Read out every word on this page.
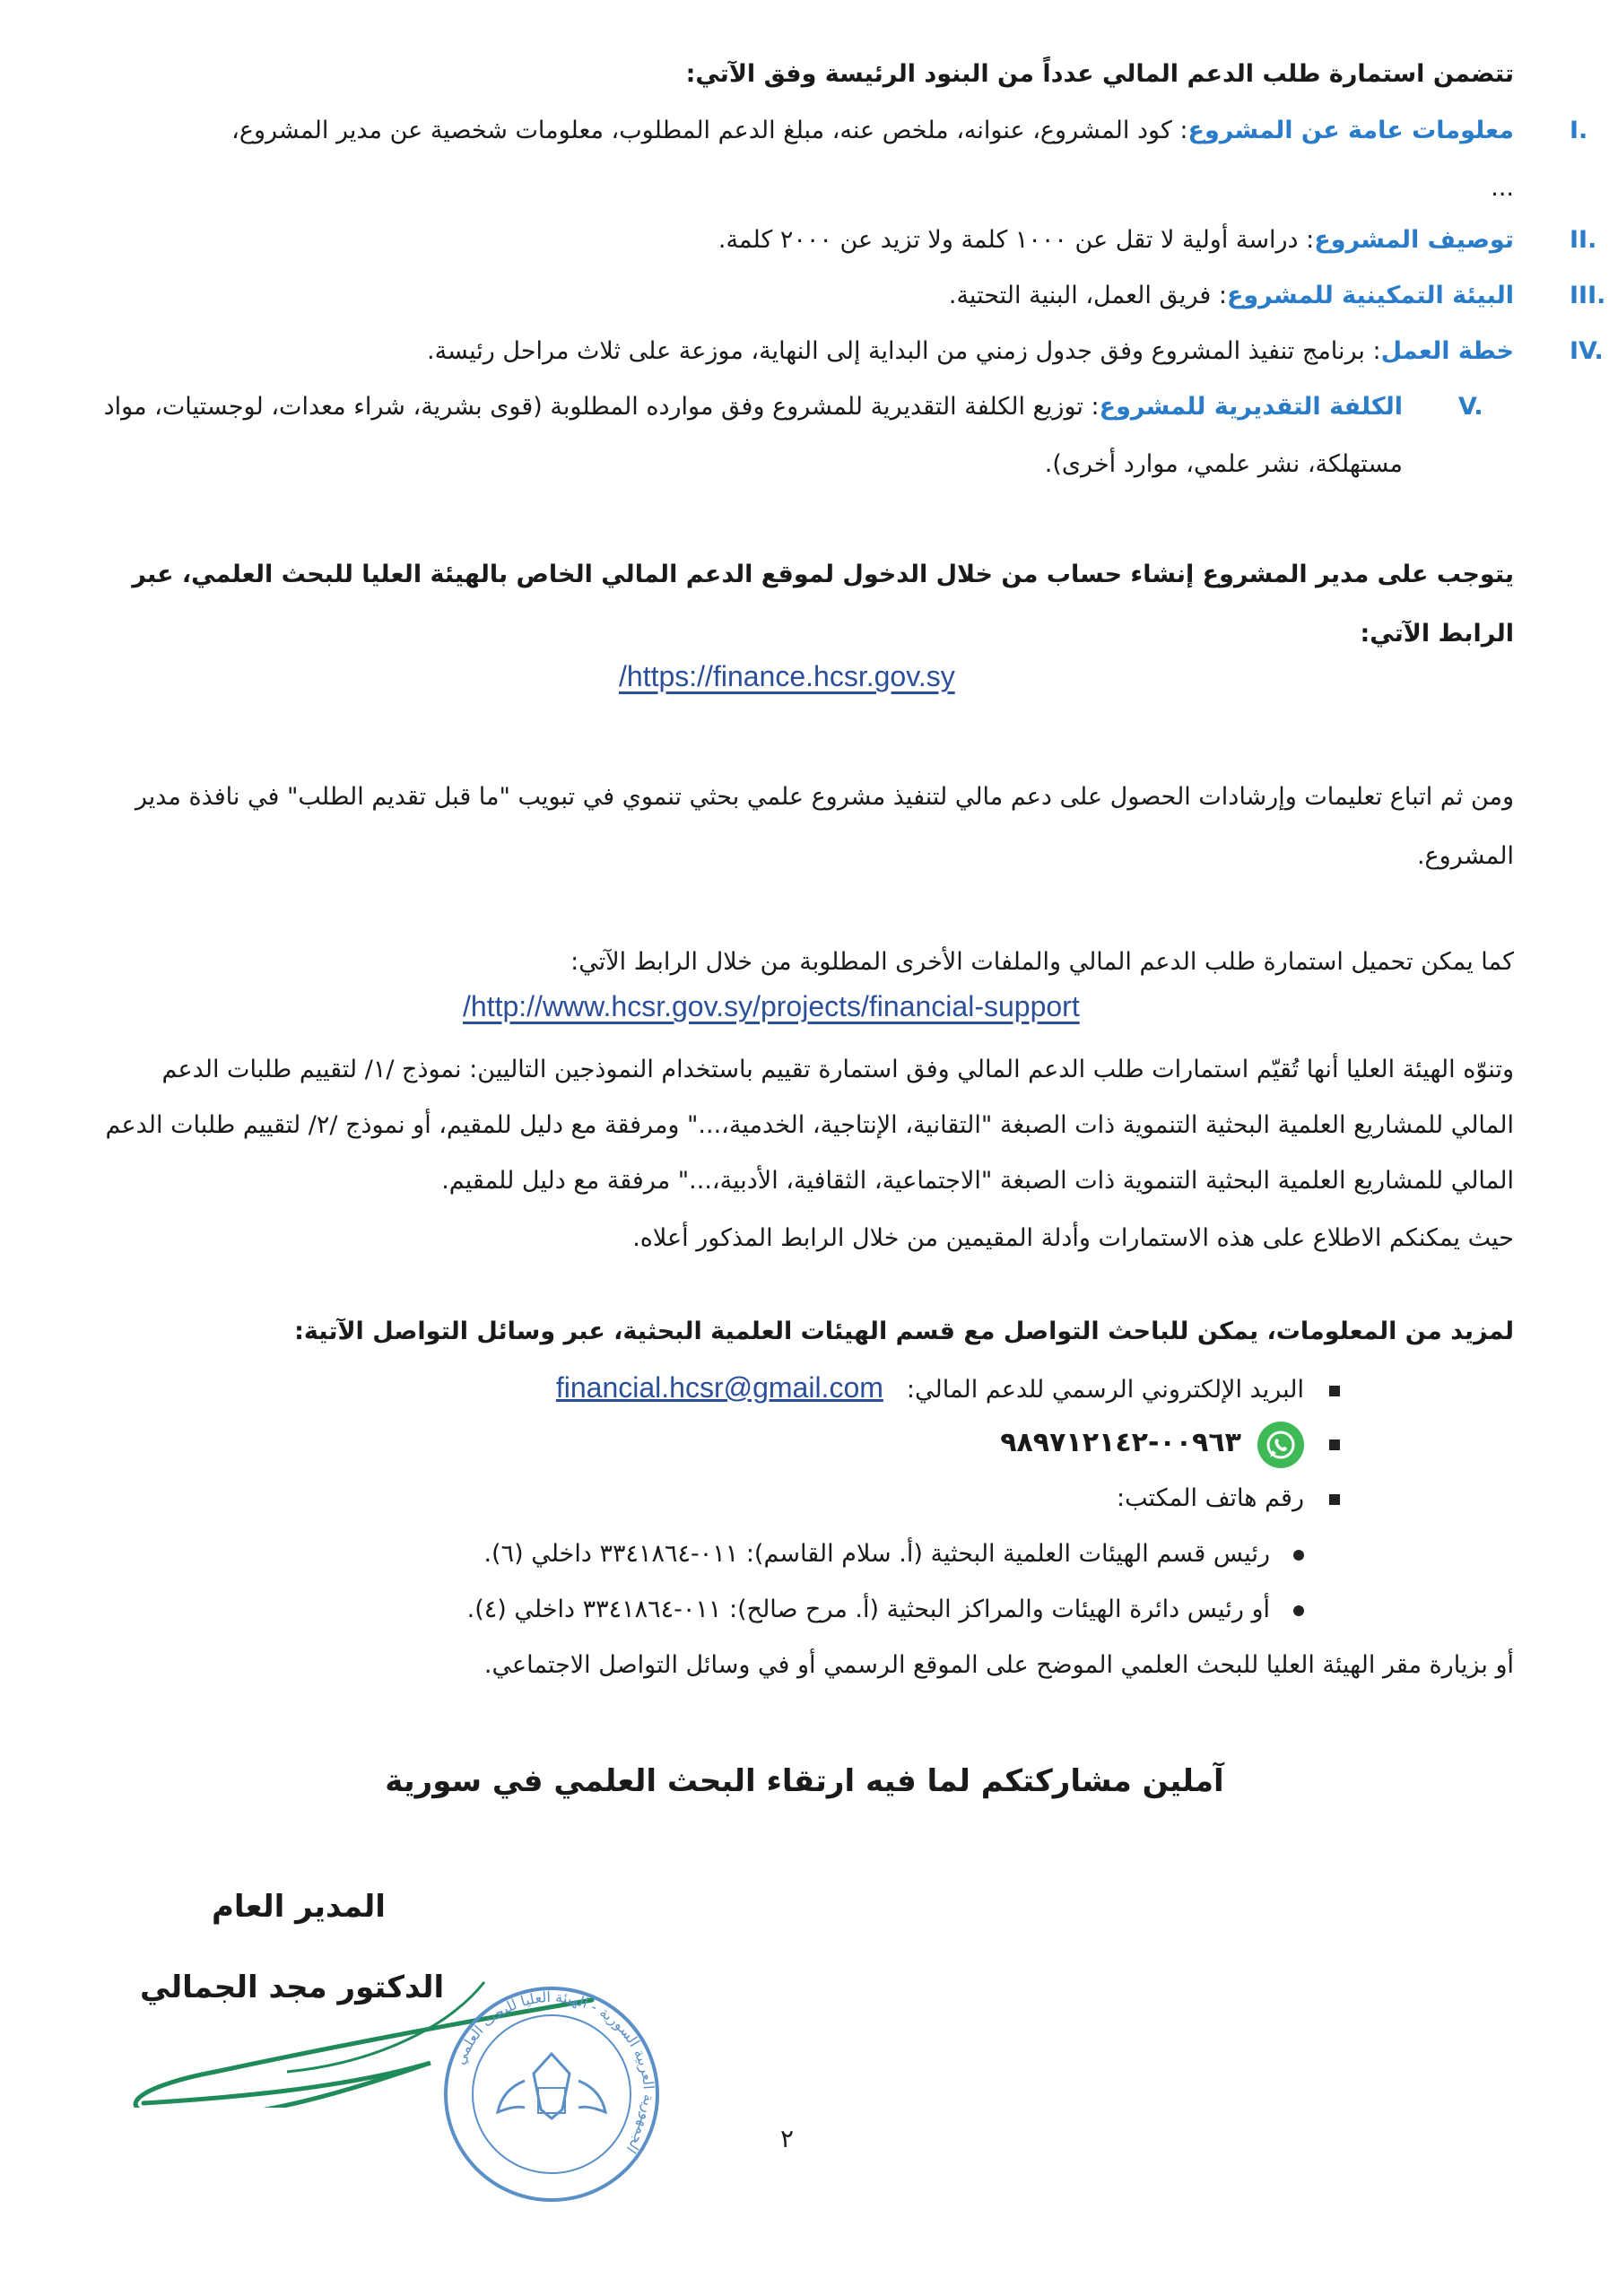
تتضمن استمارة طلب الدعم المالي عدداً من البنود الرئيسة وفق الآتي:
I.
معلومات عامة عن المشروع: كود المشروع، عنوانه، ملخص عنه، مبلغ الدعم المطلوب، معلومات شخصية عن مدير المشروع، ...
II.
توصيف المشروع: دراسة أولية لا تقل عن ١٠٠٠ كلمة ولا تزيد عن ٢٠٠٠ كلمة.
III.
البيئة التمكينية للمشروع: فريق العمل، البنية التحتية.
IV.
خطة العمل: برنامج تنفيذ المشروع وفق جدول زمني من البداية إلى النهاية، موزعة على ثلاث مراحل رئيسة.
V.
الكلفة التقديرية للمشروع: توزيع الكلفة التقديرية للمشروع وفق موارده المطلوبة (قوى بشرية، شراء معدات، لوجستيات، مواد مستهلكة، نشر علمي، موارد أخرى).
يتوجب على مدير المشروع إنشاء حساب من خلال الدخول لموقع الدعم المالي الخاص بالهيئة العليا للبحث العلمي، عبر الرابط الآتي:
/https://finance.hcsr.gov.sy
ومن ثم اتباع تعليمات وإرشادات الحصول على دعم مالي لتنفيذ مشروع علمي بحثي تنموي في تبويب "ما قبل تقديم الطلب" في نافذة مدير المشروع.
كما يمكن تحميل استمارة طلب الدعم المالي والملفات الأخرى المطلوبة من خلال الرابط الآتي:
/http://www.hcsr.gov.sy/projects/financial-support
وتنوّه الهيئة العليا أنها تُقيّم استمارات طلب الدعم المالي وفق استمارة تقييم باستخدام النموذجين التاليين: نموذج /١/ لتقييم طلبات الدعم المالي للمشاريع العلمية البحثية التنموية ذات الصبغة "التقانية، الإنتاجية، الخدمية،..." ومرفقة مع دليل للمقيم، أو نموذج /٢/ لتقييم طلبات الدعم المالي للمشاريع العلمية البحثية التنموية ذات الصبغة "الاجتماعية، الثقافية، الأدبية،..." مرفقة مع دليل للمقيم.
حيث يمكنكم الاطلاع على هذه الاستمارات وأدلة المقيمين من خلال الرابط المذكور أعلاه.
لمزيد من المعلومات، يمكن للباحث التواصل مع قسم الهيئات العلمية البحثية، عبر وسائل التواصل الآتية:
البريد الإلكتروني الرسمي للدعم المالي:financial.hcsr@gmail.com
٠٠٩٦٣-٩٨٩٧١٢١٤٢
رقم هاتف المكتب:
رئيس قسم الهيئات العلمية البحثية (أ. سلام القاسم): ٠١١-٣٣٤١٨٦٤ داخلي (٦).
أو رئيس دائرة الهيئات والمراكز البحثية (أ. مرح صالح): ٠١١-٣٣٤١٨٦٤ داخلي (٤).
أو بزيارة مقر الهيئة العليا للبحث العلمي الموضح على الموقع الرسمي أو في وسائل التواصل الاجتماعي.
آملين مشاركتكم لما فيه ارتقاء البحث العلمي في سورية
المدير العام
الدكتور مجد الجمالي
الجمهورية العربية السورية - الهيئة العليا للبحث العلمي	٢
